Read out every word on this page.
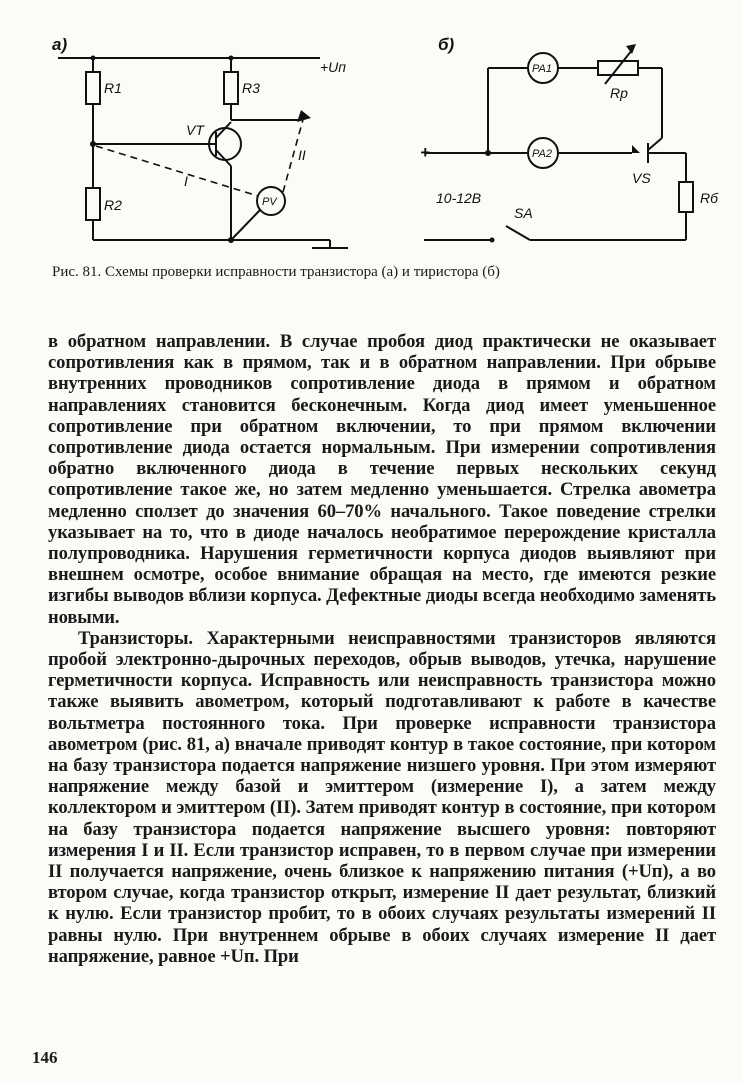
а)
R1
R2
R3
VT
PV
+Uп
I
II
б)
PA1
PA2
Rр
VS
Rб
SA
10-12В
+
Рис. 81. Схемы проверки исправности транзистора (а) и тиристора (б)

в обратном направлении. В случае пробоя диод практически не оказывает сопротивления как в прямом, так и в обратном направлении. При обрыве внутренних проводников сопротивление диода в прямом и обратном направлениях становится бесконечным. Когда диод имеет уменьшенное сопротивление при обратном включении, то при прямом включении сопротивление диода остается нормальным. При измерении сопротивления обратно включенного диода в течение первых нескольких секунд сопротивление такое же, но затем медленно уменьшается. Стрелка авометра медленно сползет до значения 60–70% начального. Такое поведение стрелки указывает на то, что в диоде началось необратимое перерождение кристалла полупроводника. Нарушения герметичности корпуса диодов выявляют при внешнем осмотре, особое внимание обращая на место, где имеются резкие изгибы выводов вблизи корпуса. Дефектные диоды всегда необходимо заменять новыми.

Транзисторы. Характерными неисправностями транзисторов являются пробой электронно-дырочных переходов, обрыв выводов, утечка, нарушение герметичности корпуса. Исправность или неисправность транзистора можно также выявить авометром, который подготавливают к работе в качестве вольтметра постоянного тока. При проверке исправности транзистора авометром (рис. 81, а) вначале приводят контур в такое состояние, при котором на базу транзистора подается напряжение низшего уровня. При этом измеряют напряжение между базой и эмиттером (измерение I), а затем между коллектором и эмиттером (II). Затем приводят контур в состояние, при котором на базу транзистора подается напряжение высшего уровня: повторяют измерения I и II. Если транзистор исправен, то в первом случае при измерении II получается напряжение, очень близкое к напряжению питания (+Uп), а во втором случае, когда транзистор открыт, измерение II дает результат, близкий к нулю. Если транзистор пробит, то в обоих случаях результаты измерений II равны нулю. При внутреннем обрыве в обоих случаях измерение II дает напряжение, равное +Uп. При

146
